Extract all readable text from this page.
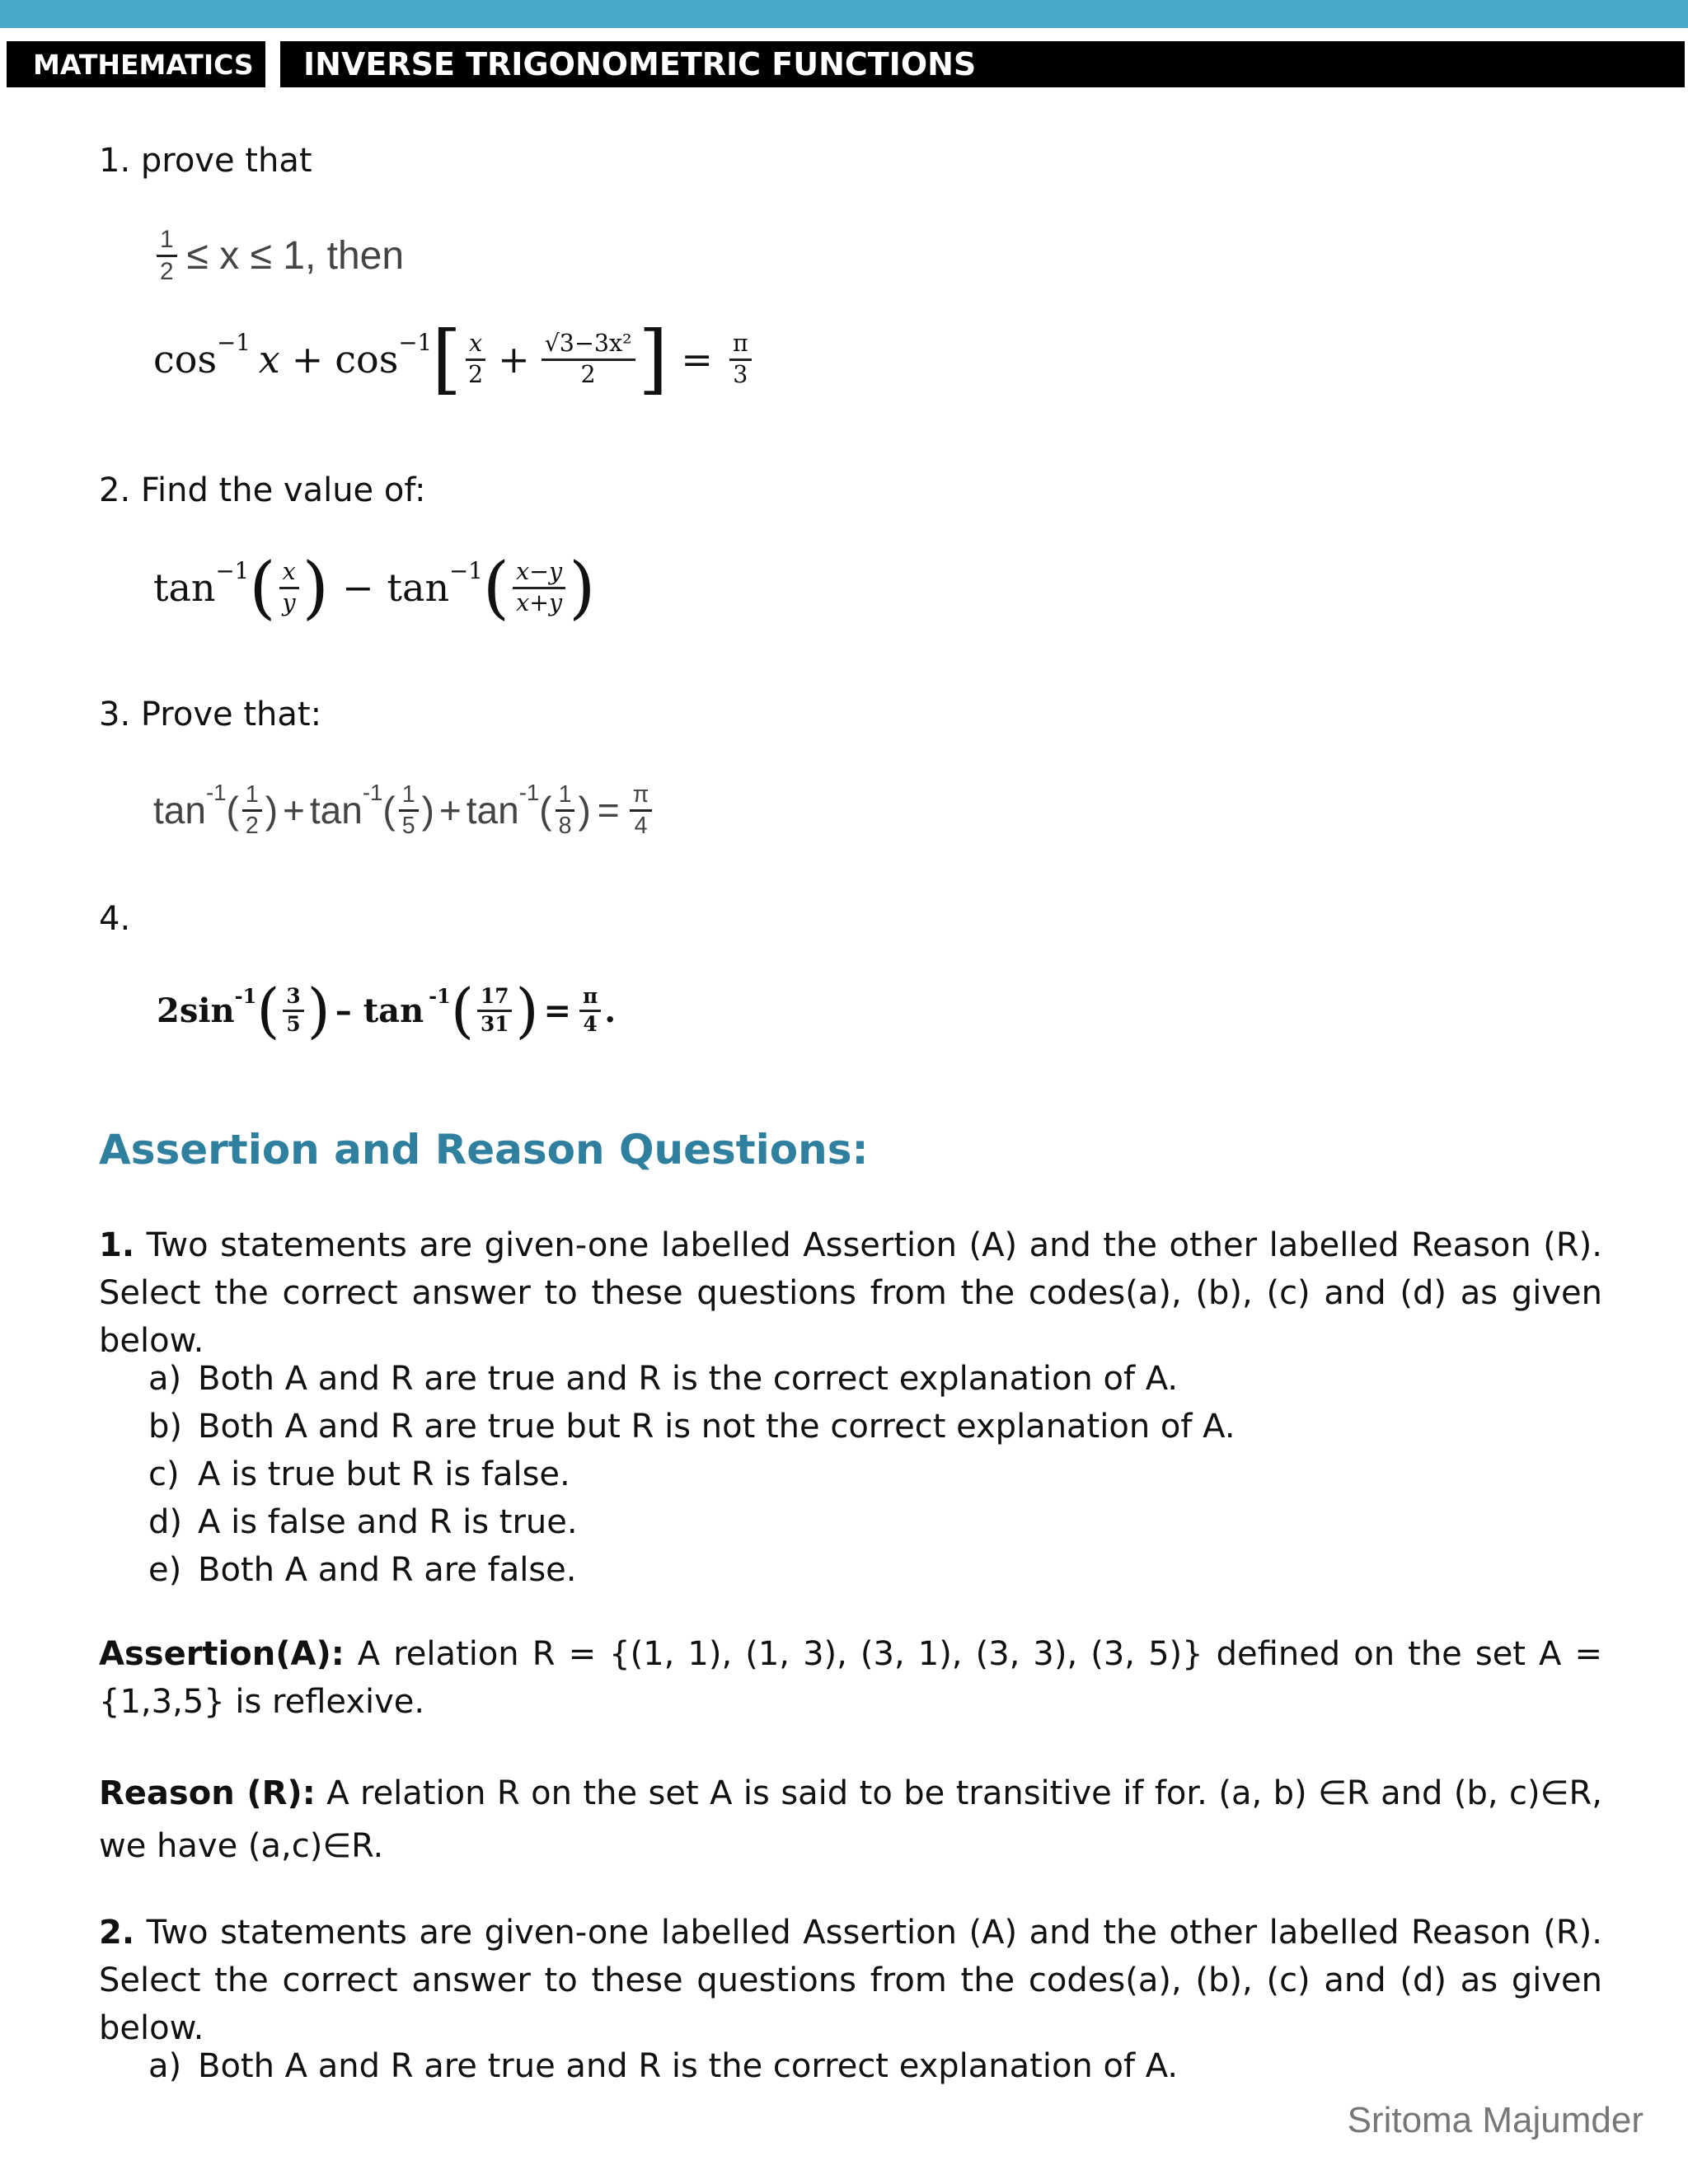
MATHEMATICS INVERSE TRIGONOMETRIC FUNCTIONS
1. prove that
$\frac{1}{2} \le x \le 1$, then
cos −1 x + cos −1 [ $\frac{x}{2} + \frac{\text{√3−3x²}}{2}$ ] = $\frac{\pi}{3}$
2. Find the value of:
tan −1 ( $\frac{x}{y}$ ) − tan −1 ( $\frac{x-y}{x+y}$ )
3. Prove that:
tan -1 ( $\frac{1}{2}$ ) + tan -1 ( $\frac{1}{5}$ ) + tan -1 ( $\frac{1}{8}$ ) = $\frac{\pi}{4}$
4.
2sin -1 ( $\frac{3}{5}$ ) – tan -1 ( $\frac{17}{31}$ ) = $\frac{\pi}{4}$ .
Assertion and Reason Questions:
1. Two statements are given-one labelled Assertion (A) and the other labelled Reason (R). Select the correct answer to these questions from the codes(a), (b), (c) and (d) as given below.
a) Both A and R are true and R is the correct explanation of A.
b) Both A and R are true but R is not the correct explanation of A.
c) A is true but R is false.
d) A is false and R is true.
e) Both A and R are false.
Assertion(A): A relation R = {(1, 1), (1, 3), (3, 1), (3, 3), (3, 5)} defined on the set A = {1,3,5} is reflexive.
Reason (R): A relation R on the set A is said to be transitive if for. (a, b) ∈R and (b, c)∈R, we have (a,c)∈R.
2. Two statements are given-one labelled Assertion (A) and the other labelled Reason (R). Select the correct answer to these questions from the codes(a), (b), (c) and (d) as given below.
a) Both A and R are true and R is the correct explanation of A.
Sritoma Majumder
